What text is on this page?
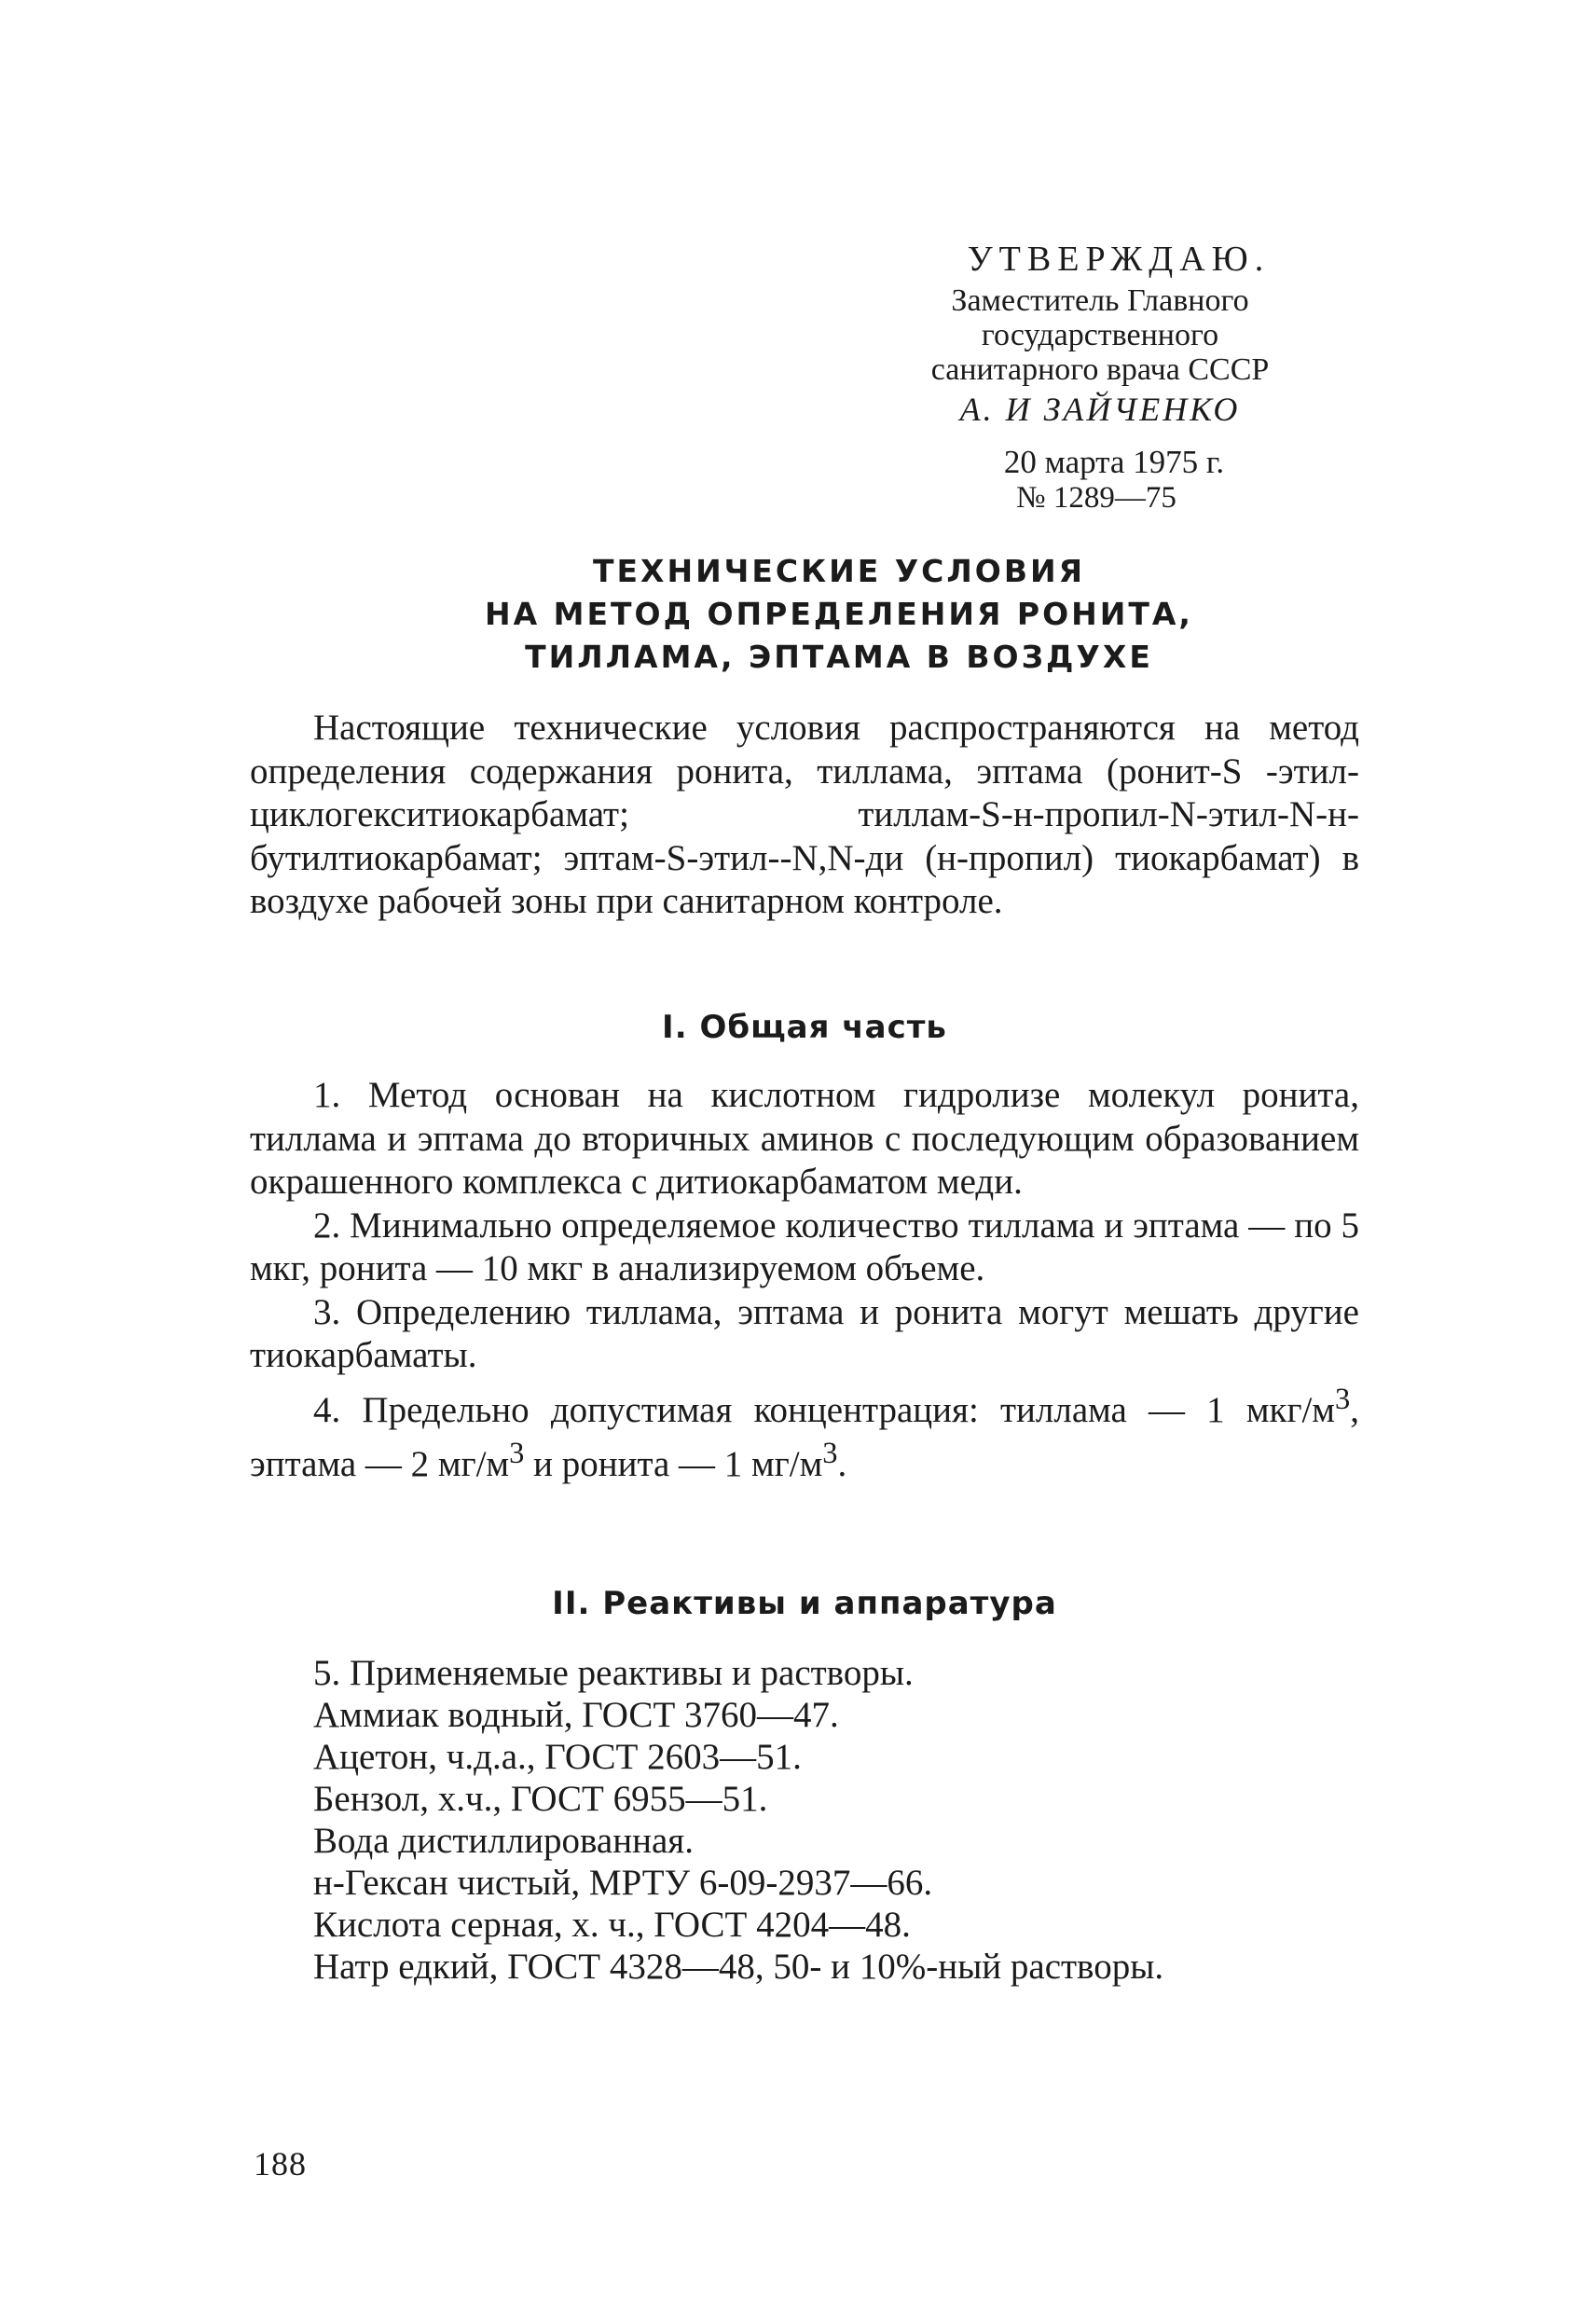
УТВЕРЖДАЮ.
Заместитель Главного
государственного
санитарного врача СССР
А. И ЗАЙЧЕНКО
20 марта 1975 г.
№ 1289—75
ТЕХНИЧЕСКИЕ УСЛОВИЯ
НА МЕТОД ОПРЕДЕЛЕНИЯ РОНИТА,
ТИЛЛАМА, ЭПТАМА В ВОЗДУХЕ

Настоящие технические условия распространяются на метод определения содержания ронита, тиллама, эптама (ронит-S -этил-циклогекситиокарбамат; тиллам-S-н-пропил-N-этил-N-н-бутилтиокарбамат; эптам-S-этил--N,N-ди (н-пропил) тиокарбамат) в воздухе рабочей зоны при санитарном контроле.

I. Общая часть

1. Метод основан на кислотном гидролизе молекул ронита, тиллама и эптама до вторичных аминов с последующим образованием окрашенного комплекса с дитиокарбаматом меди.

2. Минимально определяемое количество тиллама и эптама — по 5 мкг, ронита — 10 мкг в анализируемом объеме.

3. Определению тиллама, эптама и ронита могут мешать другие тиокарбаматы.

4. Предельно допустимая концентрация: тиллама — 1 мкг/$м^3$, эптама — 2 $мг/м^3$ и ронита — 1 $мг/м^3$.

II. Реактивы и аппаратура

5. Применяемые реактивы и растворы.

Аммиак водный, ГОСТ 3760—47.

Ацетон, ч.д.а., ГОСТ 2603—51.

Бензол, х.ч., ГОСТ 6955—51.

Вода дистиллированная.

н-Гексан чистый, МРТУ 6-09-2937—66.

Кислота серная, х. ч., ГОСТ 4204—48.

Натр едкий, ГОСТ 4328—48, 50- и 10%-ный растворы.

188
